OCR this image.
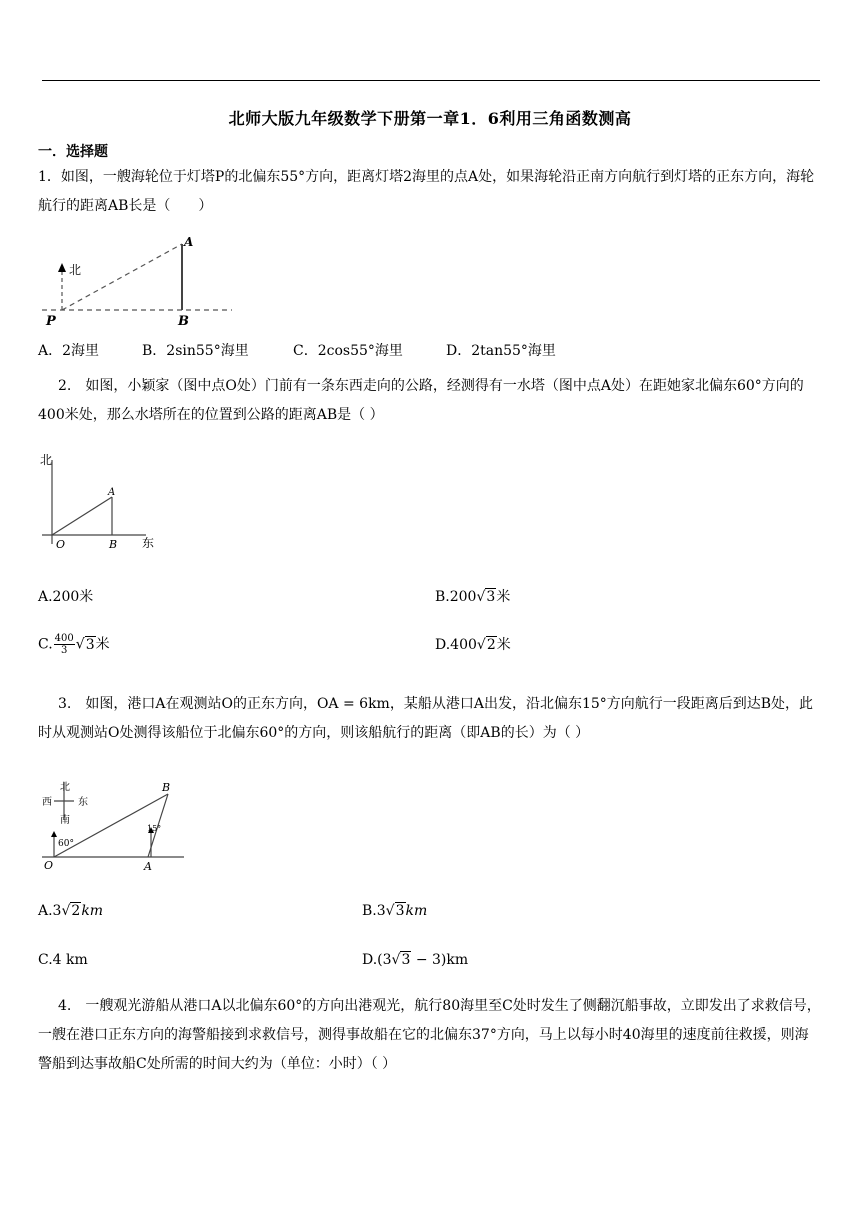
北师大版九年级数学下册第一章1．6利用三角函数测高
一．选择题
1．如图，一艘海轮位于灯塔P的北偏东55°方向，距离灯塔2海里的点A处，如果海轮沿正南方向航行到灯塔的正东方向，海轮航行的距离AB长是（　　）
北
P
A
B
A．2海里	B．2sin55°海里	C．2cos55°海里	D．2tan55°海里
2.　如图，小颖家（图中点O处）门前有一条东西走向的公路，经测得有一水塔（图中点A处）在距她家北偏东60°方向的400米处，那么水塔所在的位置到公路的距离AB是（ ）
北
东
O
A
B
A.200米	B.200√3米
C. $\frac{400}{3} √3$米	D.400√2米
3.　如图，港口A在观测站O的正东方向，OA = 6km，某船从港口A出发，沿北偏东15°方向航行一段距离后到达B处，此时从观测站O处测得该船位于北偏东60°的方向，则该船航行的距离（即AB的长）为（ ）
北
南
西	东
60°
15°
O	A
B
A.3√2km	B.3√3km
C.4 km	D.(3√3 − 3)km
4.　一艘观光游船从港口A以北偏东60°的方向出港观光，航行80海里至C处时发生了侧翻沉船事故，立即发出了求救信号，一艘在港口正东方向的海警船接到求救信号，测得事故船在它的北偏东37°方向，马上以每小时40海里的速度前往救援，则海警船到达事故船C处所需的时间大约为（单位：小时）（ ）
